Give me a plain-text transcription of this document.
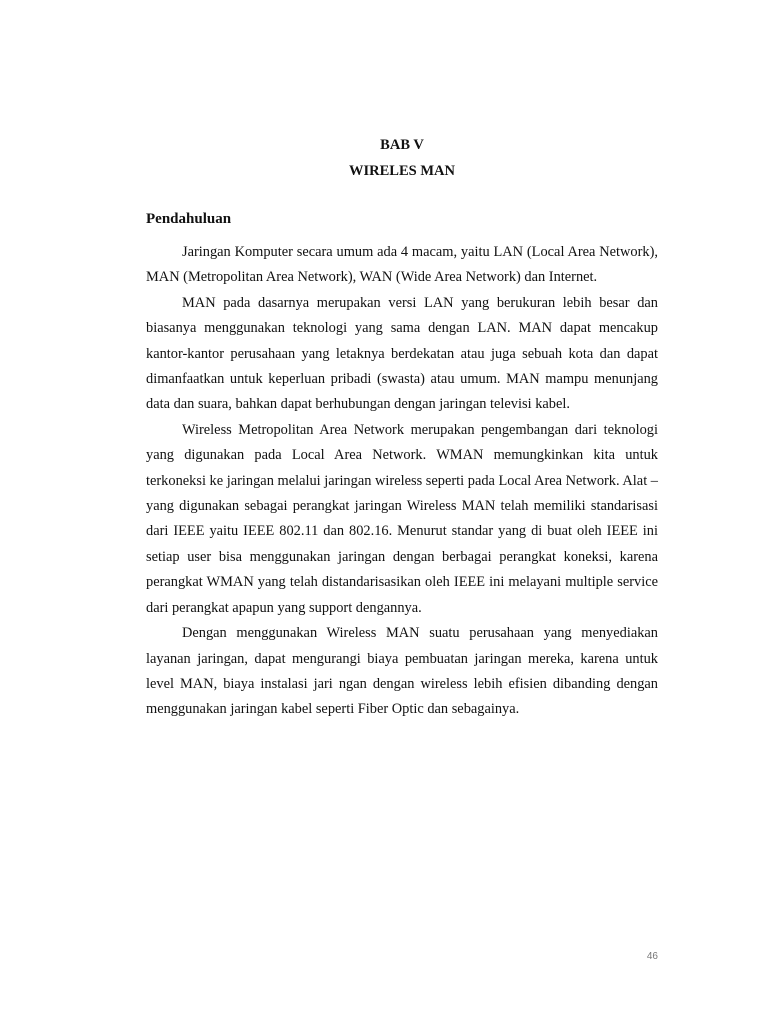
BAB V
WIRELES MAN
Pendahuluan

Jaringan Komputer secara umum ada 4 macam, yaitu LAN (Local Area Network), MAN (Metropolitan Area Network), WAN (Wide Area Network) dan Internet.

MAN pada dasarnya merupakan versi LAN yang berukuran lebih besar dan biasanya menggunakan teknologi yang sama dengan LAN. MAN dapat mencakup kantor-kantor perusahaan yang letaknya berdekatan atau juga sebuah kota dan dapat dimanfaatkan untuk keperluan pribadi (swasta) atau umum. MAN mampu menunjang data dan suara, bahkan dapat berhubungan dengan jaringan televisi kabel.

Wireless Metropolitan Area Network merupakan pengembangan dari teknologi yang digunakan pada Local Area Network. WMAN memungkinkan kita untuk terkoneksi ke jaringan melalui jaringan wireless seperti pada Local Area Network. Alat – yang digunakan sebagai perangkat jaringan Wireless MAN telah memiliki standarisasi dari IEEE yaitu IEEE 802.11 dan 802.16. Menurut standar yang di buat oleh IEEE ini setiap user bisa menggunakan jaringan dengan berbagai perangkat koneksi, karena perangkat WMAN yang telah distandarisasikan oleh IEEE ini melayani multiple service dari perangkat apapun yang support dengannya.

Dengan menggunakan Wireless MAN suatu perusahaan yang menyediakan layanan jaringan, dapat mengurangi biaya pembuatan jaringan mereka, karena untuk level MAN, biaya instalasi jari ngan dengan wireless lebih efisien dibanding dengan menggunakan jaringan kabel seperti Fiber Optic dan sebagainya.

46
